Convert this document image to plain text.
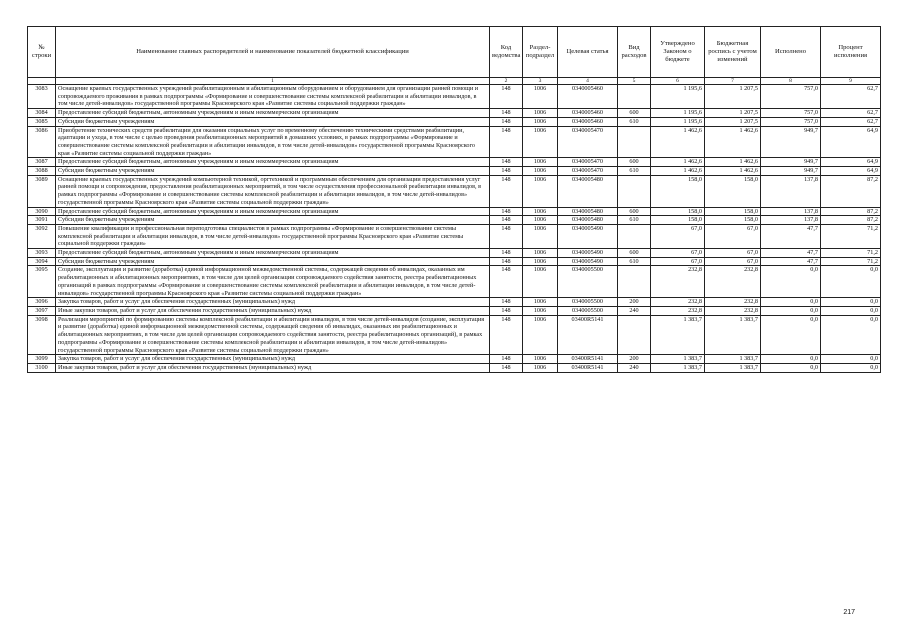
№ строки	Наименование главных распорядителей и наименование показателей бюджетной классификации	Код ведомства	Раздел-подраздел	Целевая статья	Вид расходов	Утверждено Законом о бюджете	Бюджетная роспись с учетом изменений	Исполнено	Процент исполнения
	1	2	3	4	5	6	7	8	9
3083	Оснащение краевых государственных учреждений реабилитационным и абилитационным оборудованием и оборудованием для организации ранней помощи и сопровождаемого проживания в рамках подпрограммы «Формирование и совершенствование системы комплексной реабилитации и абилитации инвалидов, в том числе детей-инвалидов» государственной программы Красноярского края «Развитие системы социальной поддержки граждан»	148	1006	0340005460		1 195,6	1 207,5	757,0	62,7
3084	Предоставление субсидий бюджетным, автономным учреждениям и иным некоммерческим организациям	148	1006	0340005460	600	1 195,6	1 207,5	757,0	62,7
3085	Субсидии бюджетным учреждениям	148	1006	0340005460	610	1 195,6	1 207,5	757,0	62,7
3086	Приобретение технических средств реабилитации для оказания социальных услуг по временному обеспечению техническими средствами реабилитации, адаптации и ухода, в том числе с целью проведения реабилитационных мероприятий в домашних условиях, в рамках подпрограммы «Формирование и совершенствование системы комплексной реабилитации и абилитации инвалидов, в том числе детей-инвалидов» государственной программы Красноярского края «Развитие системы социальной поддержки граждан»	148	1006	0340005470		1 462,6	1 462,6	949,7	64,9
3087	Предоставление субсидий бюджетным, автономным учреждениям и иным некоммерческим организациям	148	1006	0340005470	600	1 462,6	1 462,6	949,7	64,9
3088	Субсидии бюджетным учреждениям	148	1006	0340005470	610	1 462,6	1 462,6	949,7	64,9
3089	Оснащение краевых государственных учреждений компьютерной техникой, оргтехникой и программным обеспечением для организации предоставления услуг ранней помощи и сопровождения, предоставления реабилитационных мероприятий, в том числе осуществления профессиональной реабилитации инвалидов, в рамках подпрограммы «Формирование и совершенствование системы комплексной реабилитации и абилитации инвалидов, в том числе детей-инвалидов» государственной программы Красноярского края «Развитие системы социальной поддержки граждан»	148	1006	0340005480		158,0	158,0	137,8	87,2
3090	Предоставление субсидий бюджетным, автономным учреждениям и иным некоммерческим организациям	148	1006	0340005480	600	158,0	158,0	137,8	87,2
3091	Субсидии бюджетным учреждениям	148	1006	0340005480	610	158,0	158,0	137,8	87,2
3092	Повышение квалификации и профессиональная переподготовка специалистов в рамках подпрограммы «Формирование и совершенствование системы комплексной реабилитации и абилитации инвалидов, в том числе детей-инвалидов» государственной программы Красноярского края «Развитие системы социальной поддержки граждан»	148	1006	0340005490		67,0	67,0	47,7	71,2
3093	Предоставление субсидий бюджетным, автономным учреждениям и иным некоммерческим организациям	148	1006	0340005490	600	67,0	67,0	47,7	71,2
3094	Субсидии бюджетным учреждениям	148	1006	0340005490	610	67,0	67,0	47,7	71,2
3095	Создание, эксплуатация и развитие (доработка) единой информационной межведомственной системы, содержащей сведения об инвалидах, оказанных им реабилитационных и абилитационных мероприятиях, в том числе для целей организации сопровождаемого содействия занятости, реестра реабилитационных организаций в рамках подпрограммы «Формирование и совершенствование системы комплексной реабилитации и абилитации инвалидов, в том числе детей-инвалидов» государственной программы Красноярского края «Развитие системы социальной поддержки граждан»	148	1006	0340005500		232,8	232,8	0,0	0,0
3096	Закупка товаров, работ и услуг для обеспечения государственных (муниципальных) нужд	148	1006	0340005500	200	232,8	232,8	0,0	0,0
3097	Иные закупки товаров, работ и услуг для обеспечения государственных (муниципальных) нужд	148	1006	0340005500	240	232,8	232,8	0,0	0,0
3098	Реализация мероприятий по формированию системы комплексной реабилитации и абилитации инвалидов, в том числе детей-инвалидов (создание, эксплуатация и развитие (доработка) единой информационной межведомственной системы, содержащей сведения об инвалидах, оказанных им реабилитационных и абилитационных мероприятиях, в том числе для целей организации сопровождаемого содействия занятости, реестра реабилитационных организаций), в рамках подпрограммы «Формирование и совершенствование системы комплексной реабилитации и абилитации инвалидов, в том числе детей-инвалидов» государственной программы Красноярского края «Развитие системы социальной поддержки граждан»	148	1006	03400R5141		1 383,7	1 383,7	0,0	0,0
3099	Закупка товаров, работ и услуг для обеспечения государственных (муниципальных) нужд	148	1006	03400R5141	200	1 383,7	1 383,7	0,0	0,0
3100	Иные закупки товаров, работ и услуг для обеспечения государственных (муниципальных) нужд	148	1006	03400R5141	240	1 383,7	1 383,7	0,0	0,0
217
